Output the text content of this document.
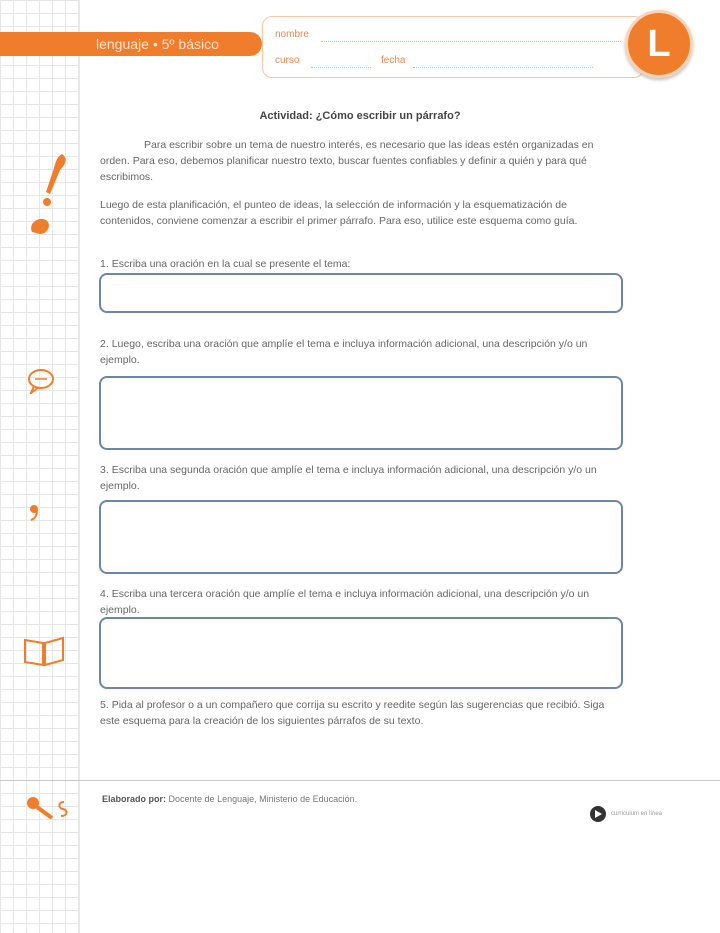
lenguaje • 5º básico
nombre
curso	fecha	L
Actividad: ¿Cómo escribir un párrafo?

Para escribir sobre un tema de nuestro interés, es necesario que las ideas estén organizadas en orden. Para eso, debemos planificar nuestro texto, buscar fuentes confiables y definir a quién y para qué escribimos.

Luego de esta planificación, el punteo de ideas, la selección de información y la esquematización de contenidos, conviene comenzar a escribir el primer párrafo. Para eso, utilice este esquema como guía.

1. Escriba una oración en la cual se presente el tema:

2. Luego, escriba una oración que amplíe el tema e incluya información adicional, una descripción y/o un ejemplo.

3. Escriba una segunda oración que amplíe el tema e incluya información adicional, una descripción y/o un ejemplo.

4. Escriba una tercera oración que amplíe el tema e incluya información adicional, una descripción y/o un ejemplo.

5. Pida al profesor o a un compañero que corrija su escrito y reedite según las sugerencias que recibió. Siga este esquema para la creación de los siguientes párrafos de su texto.

Elaborado por: Docente de Lenguaje, Ministerio de Educación.
currículum en línea
